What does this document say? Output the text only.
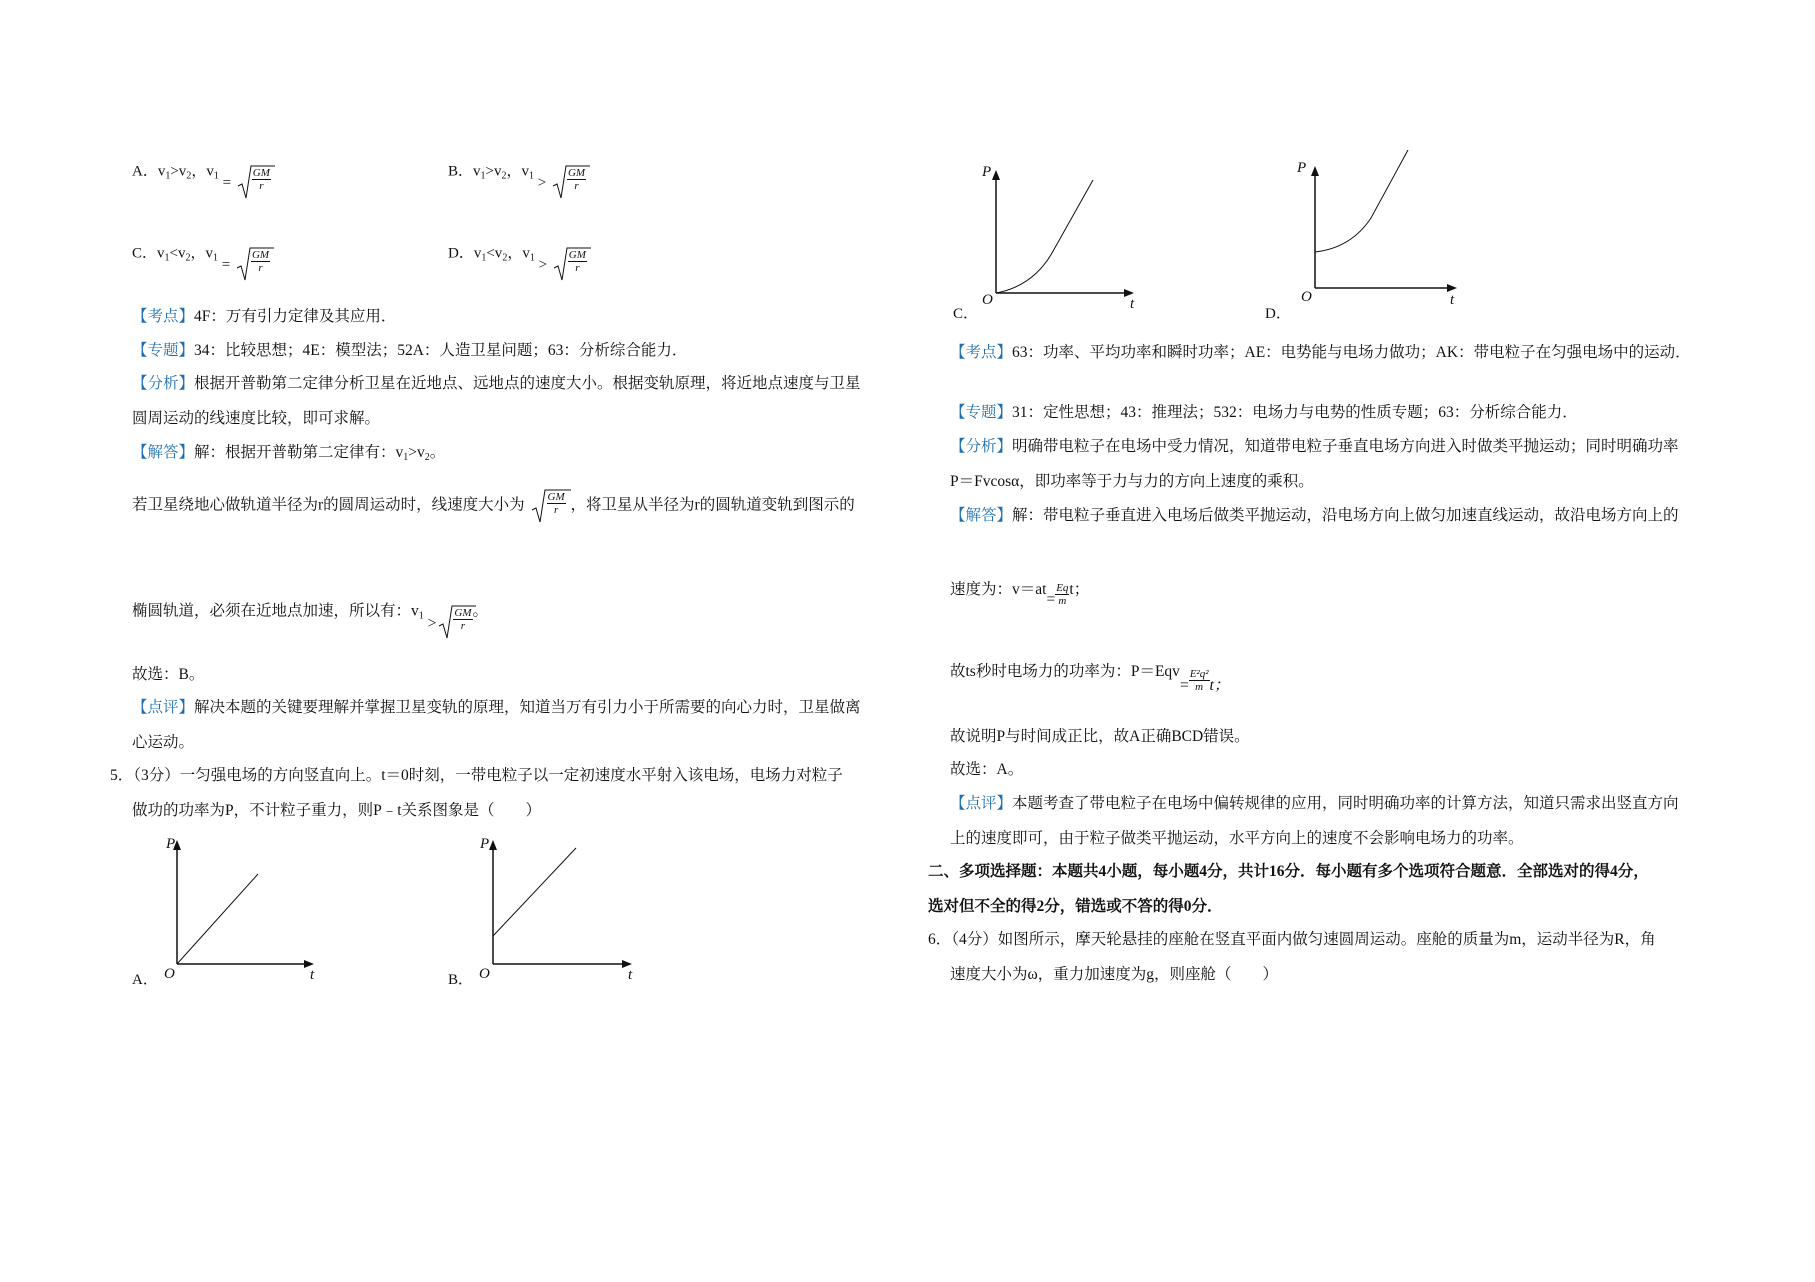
A．$v_1>v_2$，$v_1 = \frac{GM}{r}$	B．$v_1>v_2$，$v_1 > \frac{GM}{r}$
C．$v_1<v_2$，$v_1 = \frac{GM}{r}$	D．$v_1<v_2$，$v_1 > \frac{GM}{r}$
【考点】4F：万有引力定律及其应用．
【专题】34：比较思想；4E：模型法；52A：人造卫星问题；63：分析综合能力．
【分析】根据开普勒第二定律分析卫星在近地点、远地点的速度大小。根据变轨原理，将近地点速度与卫星
圆周运动的线速度比较，即可求解。
【解答】解：根据开普勒第二定律有：$v_1>v_2$。
若卫星绕地心做轨道半径为r的圆周运动时，线速度大小为 $\frac{GM}{r}$ ，将卫星从半径为r的圆轨道变轨到图示的
椭圆轨道，必须在近地点加速，所以有：$v_1 > \frac{GM}{r}$ 。
故选：B。
【点评】解决本题的关键要理解并掌握卫星变轨的原理，知道当万有引力小于所需要的向心力时，卫星做离
心运动。
5．（3分）一匀强电场的方向竖直向上。t＝0时刻，一带电粒子以一定初速度水平射入该电场，电场力对粒子
做功的功率为P，不计粒子重力，则P﹣t关系图象是（　　）
A．
P
O	t	B．
P
O	t
C．
P
O	t
D．
P
O	t
【考点】63：功率、平均功率和瞬时功率；AE：电势能与电场力做功；AK：带电粒子在匀强电场中的运动．
【专题】31：定性思想；43：推理法；532：电场力与电势的性质专题；63：分析综合能力．
【分析】明确带电粒子在电场中受力情况，知道带电粒子垂直电场方向进入时做类平抛运动；同时明确功率
P＝Fvcosα，即功率等于力与力的方向上速度的乘积。
【解答】解：带电粒子垂直进入电场后做类平抛运动，沿电场方向上做匀加速直线运动，故沿电场方向上的
速度为：$v=at= \frac{Eq}{m}$ t；
故ts秒时电场力的功率为：$P=Eqv= \frac{\text{E²q²}}{m}$ t；
故说明P与时间成正比，故A正确BCD错误。
故选：A。
【点评】本题考查了带电粒子在电场中偏转规律的应用，同时明确功率的计算方法，知道只需求出竖直方向
上的速度即可，由于粒子做类平抛运动，水平方向上的速度不会影响电场力的功率。
二、多项选择题：本题共4小题，每小题4分，共计16分．每小题有多个选项符合题意．全部选对的得4分，
选对但不全的得2分，错选或不答的得0分．
6．（4分）如图所示，摩天轮悬挂的座舱在竖直平面内做匀速圆周运动。座舱的质量为m，运动半径为R，角
速度大小为ω，重力加速度为g，则座舱（　　）
